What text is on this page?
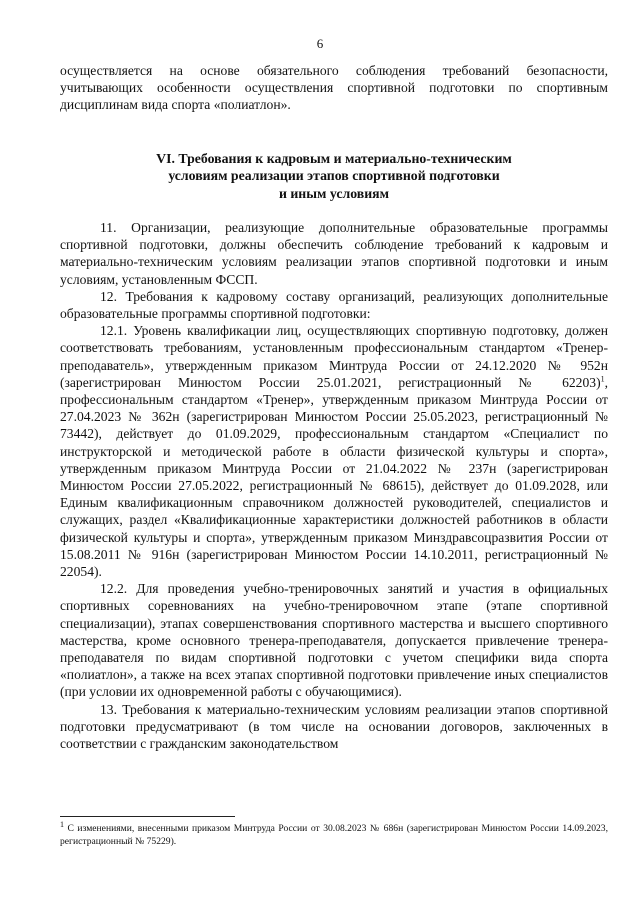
6

осуществляется на основе обязательного соблюдения требований безопасности, учитывающих особенности осуществления спортивной подготовки по спортивным дисциплинам вида спорта «полиатлон».

VI. Требования к кадровым и материально-техническим
условиям реализации этапов спортивной подготовки
и иным условиям

11. Организации, реализующие дополнительные образовательные программы спортивной подготовки, должны обеспечить соблюдение требований к кадровым и материально-техническим условиям реализации этапов спортивной подготовки и иным условиям, установленным ФССП.

12. Требования к кадровому составу организаций, реализующих дополнительные образовательные программы спортивной подготовки:

12.1. Уровень квалификации лиц, осуществляющих спортивную подготовку, должен соответствовать требованиям, установленным профессиональным стандартом «Тренер-преподаватель», утвержденным приказом Минтруда России от 24.12.2020 № 952н (зарегистрирован Минюстом России 25.01.2021, регистрационный № 62203)$^1$, профессиональным стандартом «Тренер», утвержденным приказом Минтруда России от 27.04.2023 № 362н (зарегистрирован Минюстом России 25.05.2023, регистрационный № 73442), действует до 01.09.2029, профессиональным стандартом «Специалист по инструкторской и методической работе в области физической культуры и спорта», утвержденным приказом Минтруда России от 21.04.2022 № 237н (зарегистрирован Минюстом России 27.05.2022, регистрационный № 68615), действует до 01.09.2028, или Единым квалификационным справочником должностей руководителей, специалистов и служащих, раздел «Квалификационные характеристики должностей работников в области физической культуры и спорта», утвержденным приказом Минздравсоцразвития России от 15.08.2011 № 916н (зарегистрирован Минюстом России 14.10.2011, регистрационный № 22054).

12.2. Для проведения учебно-тренировочных занятий и участия в официальных спортивных соревнованиях на учебно-тренировочном этапе (этапе спортивной специализации), этапах совершенствования спортивного мастерства и высшего спортивного мастерства, кроме основного тренера-преподавателя, допускается привлечение тренера-преподавателя по видам спортивной подготовки с учетом специфики вида спорта «полиатлон», а также на всех этапах спортивной подготовки привлечение иных специалистов (при условии их одновременной работы с обучающимися).

13. Требования к материально-техническим условиям реализации этапов спортивной подготовки предусматривают (в том числе на основании договоров, заключенных в соответствии с гражданским законодательством

$^1$ С изменениями, внесенными приказом Минтруда России от 30.08.2023 № 686н (зарегистрирован Минюстом России 14.09.2023, регистрационный № 75229).
